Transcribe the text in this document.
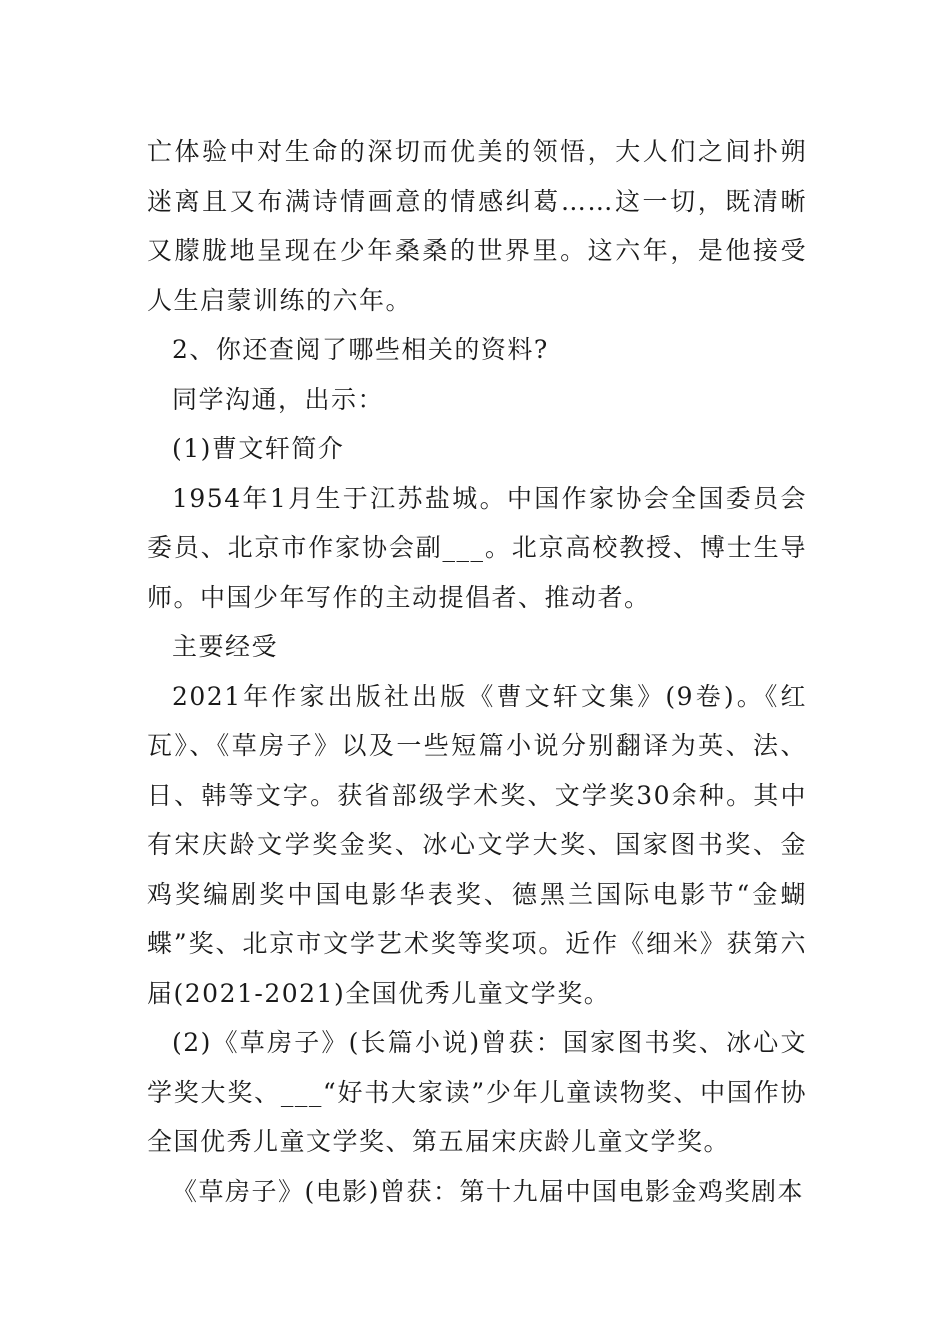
亡体验中对生命的深切而优美的领悟，大人们之间扑朔迷离且又布满诗情画意的情感纠葛……这一切，既清晰又朦胧地呈现在少年桑桑的世界里。这六年，是他接受人生启蒙训练的六年。

2、你还查阅了哪些相关的资料?

同学沟通，出示：

(1)曹文轩简介

1954年1月生于江苏盐城。中国作家协会全国委员会委员、北京市作家协会副___。北京高校教授、博士生导师。中国少年写作的主动提倡者、推动者。

主要经受

2021年作家出版社出版《曹文轩文集》(9卷)。《红瓦》、《草房子》以及一些短篇小说分别翻译为英、法、日、韩等文字。获省部级学术奖、文学奖30余种。其中有宋庆龄文学奖金奖、冰心文学大奖、国家图书奖、金鸡奖编剧奖中国电影华表奖、德黑兰国际电影节“金蝴蝶”奖、北京市文学艺术奖等奖项。近作《细米》获第六届(2021-2021)全国优秀儿童文学奖。

(2)《草房子》(长篇小说)曾获：国家图书奖、冰心文学奖大奖、___“好书大家读”少年儿童读物奖、中国作协全国优秀儿童文学奖、第五届宋庆龄儿童文学奖。

《草房子》(电影)曾获：第十九届中国电影金鸡奖剧本
